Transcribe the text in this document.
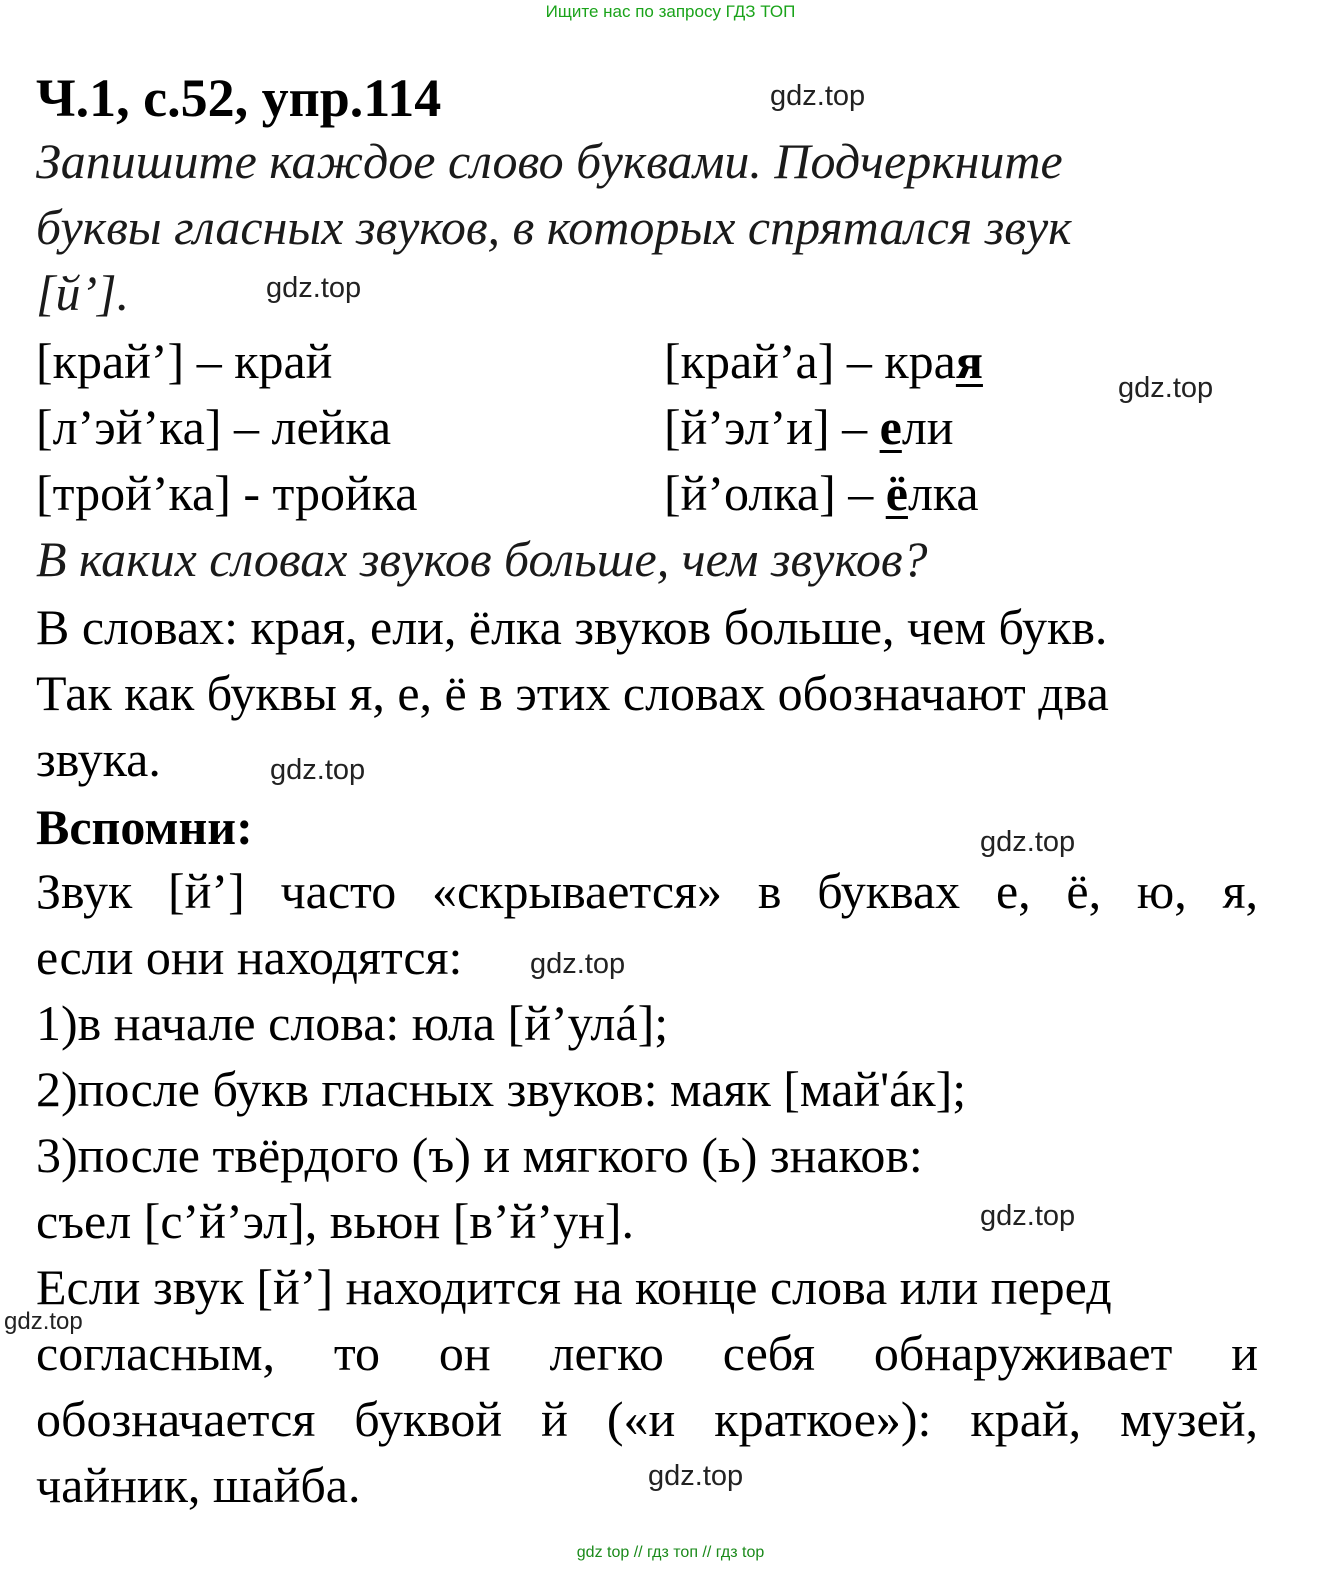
Ищите нас по запросу ГДЗ ТОП
Ч.1, с.52, упр.114
Запишите каждое слово буквами. Подчеркните
буквы гласных звуков, в которых спрятался звук
[й’].
[край’] – край
[л’эй’ка] – лейка
[трой’ка] - тройка
[край’а] – края
[й’эл’и] – ели
[й’олка] – ёлка
В каких словах звуков больше, чем звуков?
В словах: края, ели, ёлка звуков больше, чем букв.
Так как буквы я, е, ё в этих словах обозначают два
звука.
Вспомни:
Звук [й’] часто «скрывается» в буквах е, ё, ю, я,
если они находятся:
1)в начале слова: юла [й’улá];
2)после букв гласных звуков: маяк [май'áк];
3)после твёрдого (ъ) и мягкого (ь) знаков:
съел [с’й’эл], вьюн [в’й’ун].
Если звук [й’] находится на конце слова или перед
согласным, то он легко себя обнаруживает и
обозначается буквой й («и краткое»): край, музей,
чайник, шайба.
gdz.top
gdz.top
gdz.top
gdz.top
gdz.top
gdz.top
gdz.top
gdz.top
gdz.top
gdz top // гдз топ // гдз top
